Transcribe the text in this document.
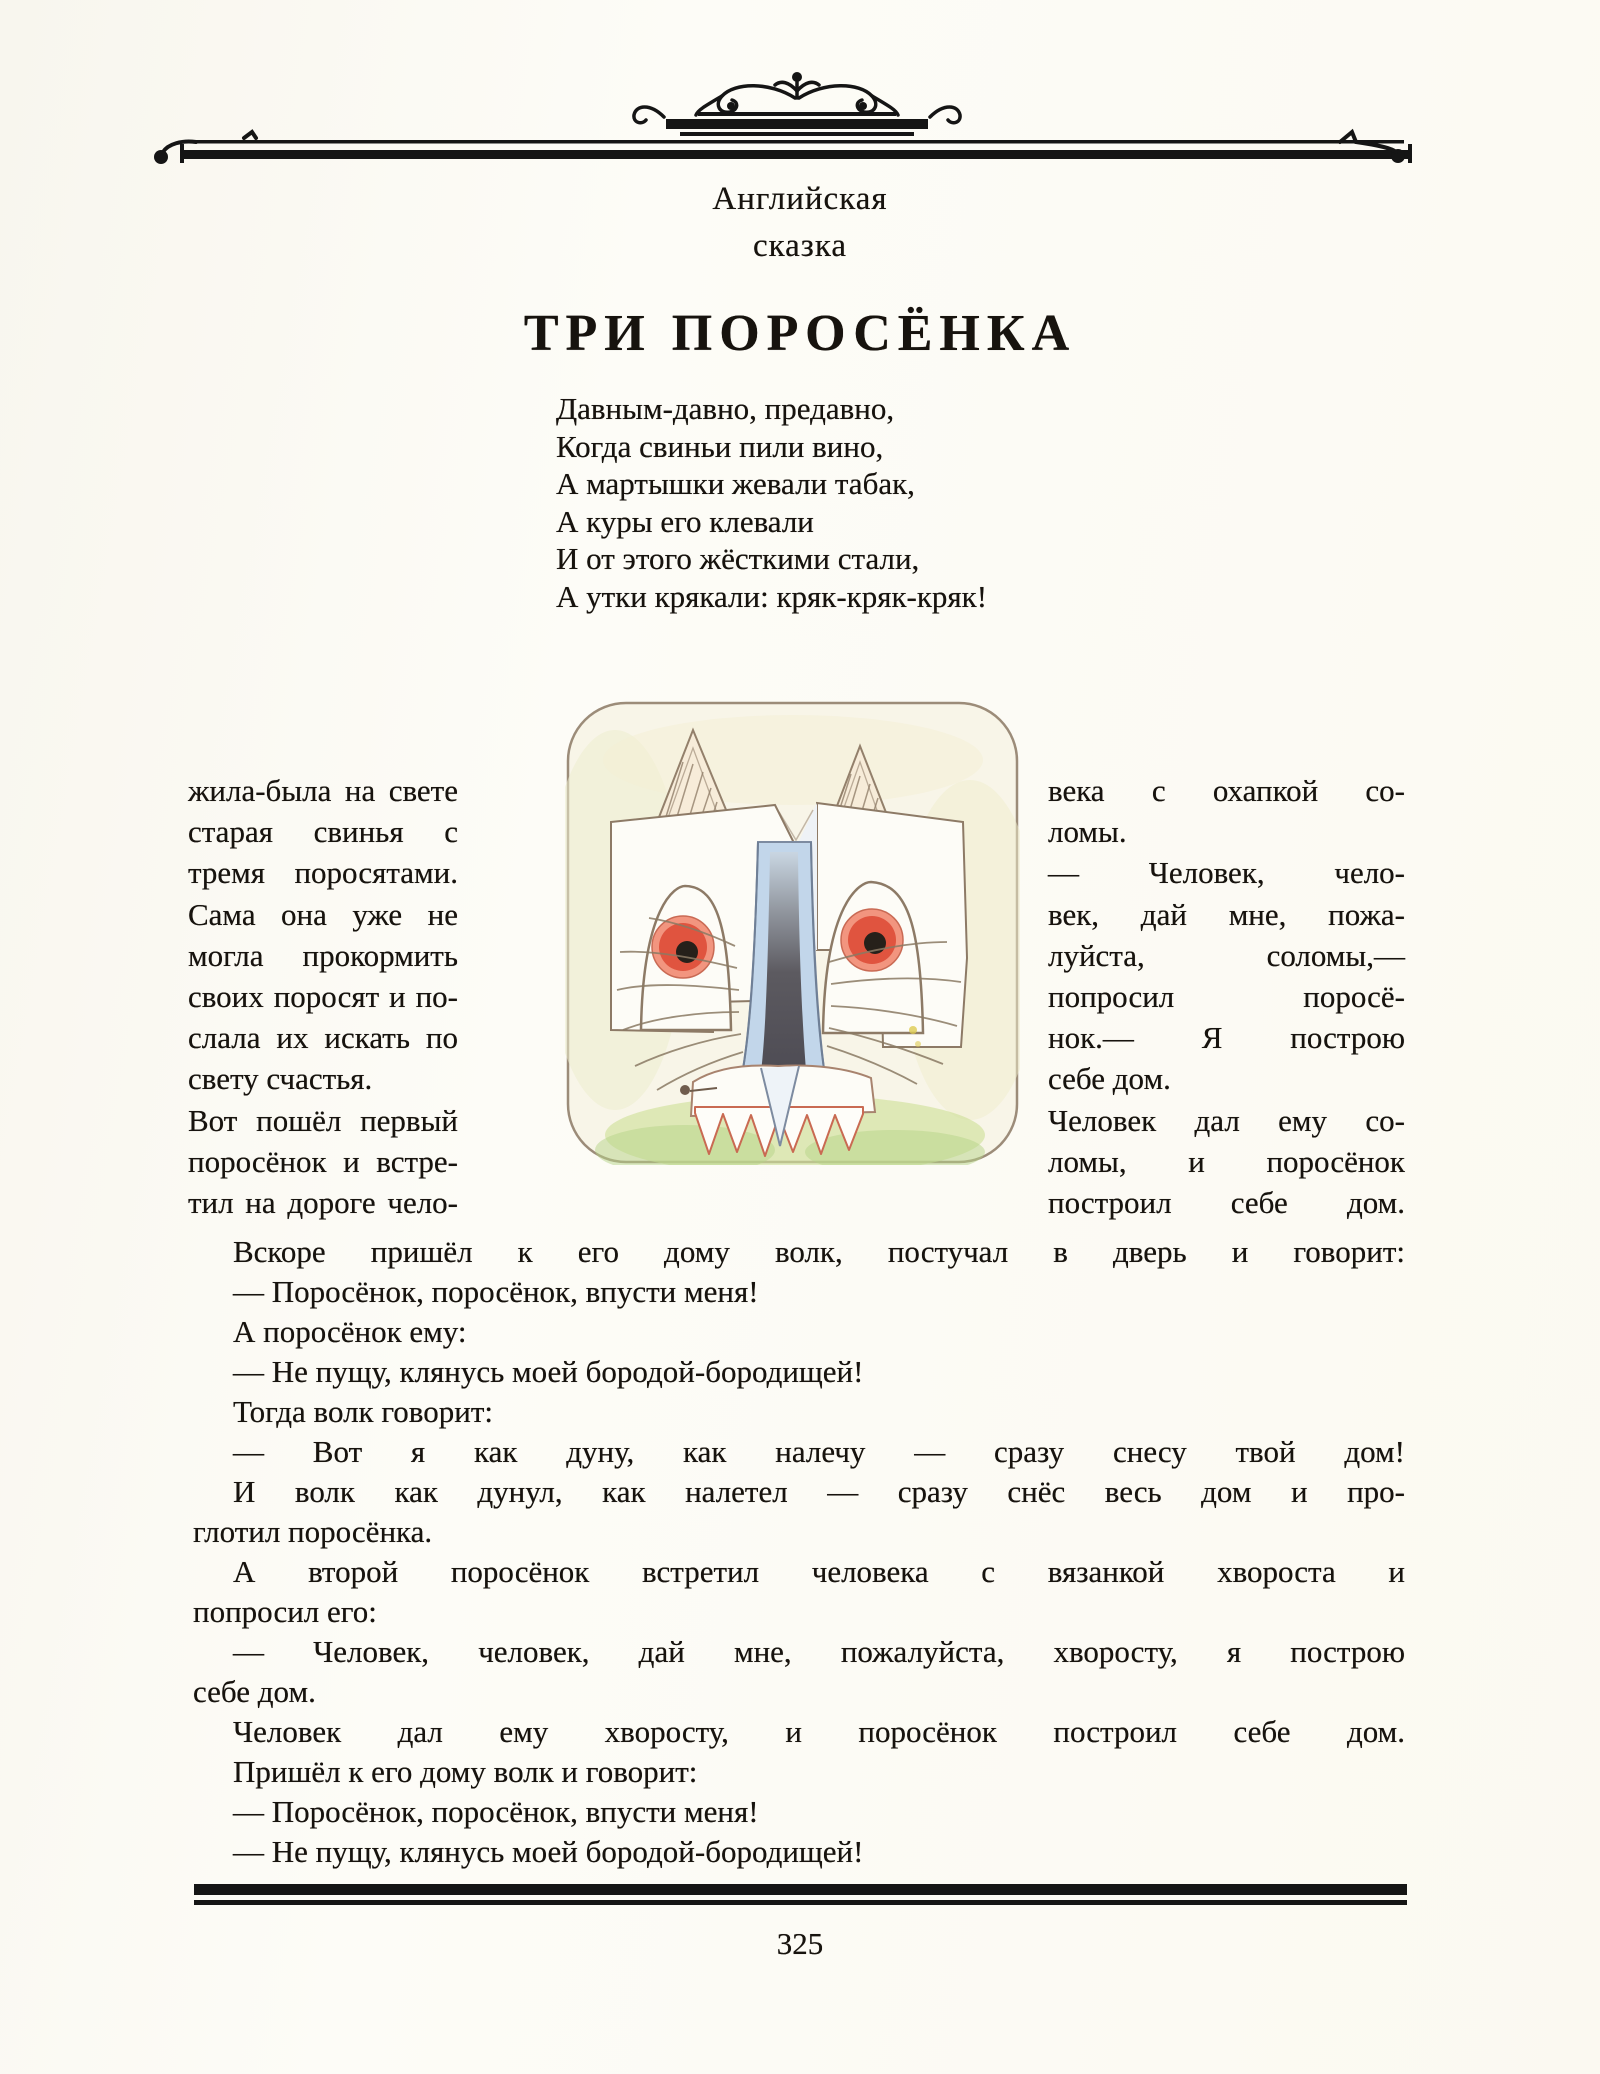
Английская
сказка
ТРИ ПОРОСЁНКА
Давным-давно, предавно,
Когда свиньи пили вино,
А мартышки жевали табак,
А куры его клевали
И от этого жёсткими стали,
А утки крякали: кряк-кряк-кряк!
жила-была на свете
старая свинья с
тремя поросятами.
Сама она уже не
могла прокормить
своих поросят и по-
слала их искать по
свету счастья.
Вот пошёл первый
поросёнок и встре-
тил на дороге чело-
века с охапкой со-
ломы.
— Человек, чело-
век, дай мне, пожа-
луйста, соломы,—
попросил поросё-
нок.— Я построю
себе дом.
Человек дал ему со-
ломы, и поросёнок
построил себе дом.
Вскоре пришёл к его дому волк, постучал в дверь и говорит:
— Поросёнок, поросёнок, впусти меня!
А поросёнок ему:
— Не пущу, клянусь моей бородой-бородищей!
Тогда волк говорит:
— Вот я как дуну, как налечу — сразу снесу твой дом!
И волк как дунул, как налетел — сразу снёс весь дом и про-
глотил поросёнка.
А второй поросёнок встретил человека с вязанкой хвороста и
попросил его:
— Человек, человек, дай мне, пожалуйста, хворосту, я построю
себе дом.
Человек дал ему хворосту, и поросёнок построил себе дом.
Пришёл к его дому волк и говорит:
— Поросёнок, поросёнок, впусти меня!
— Не пущу, клянусь моей бородой-бородищей!
325
